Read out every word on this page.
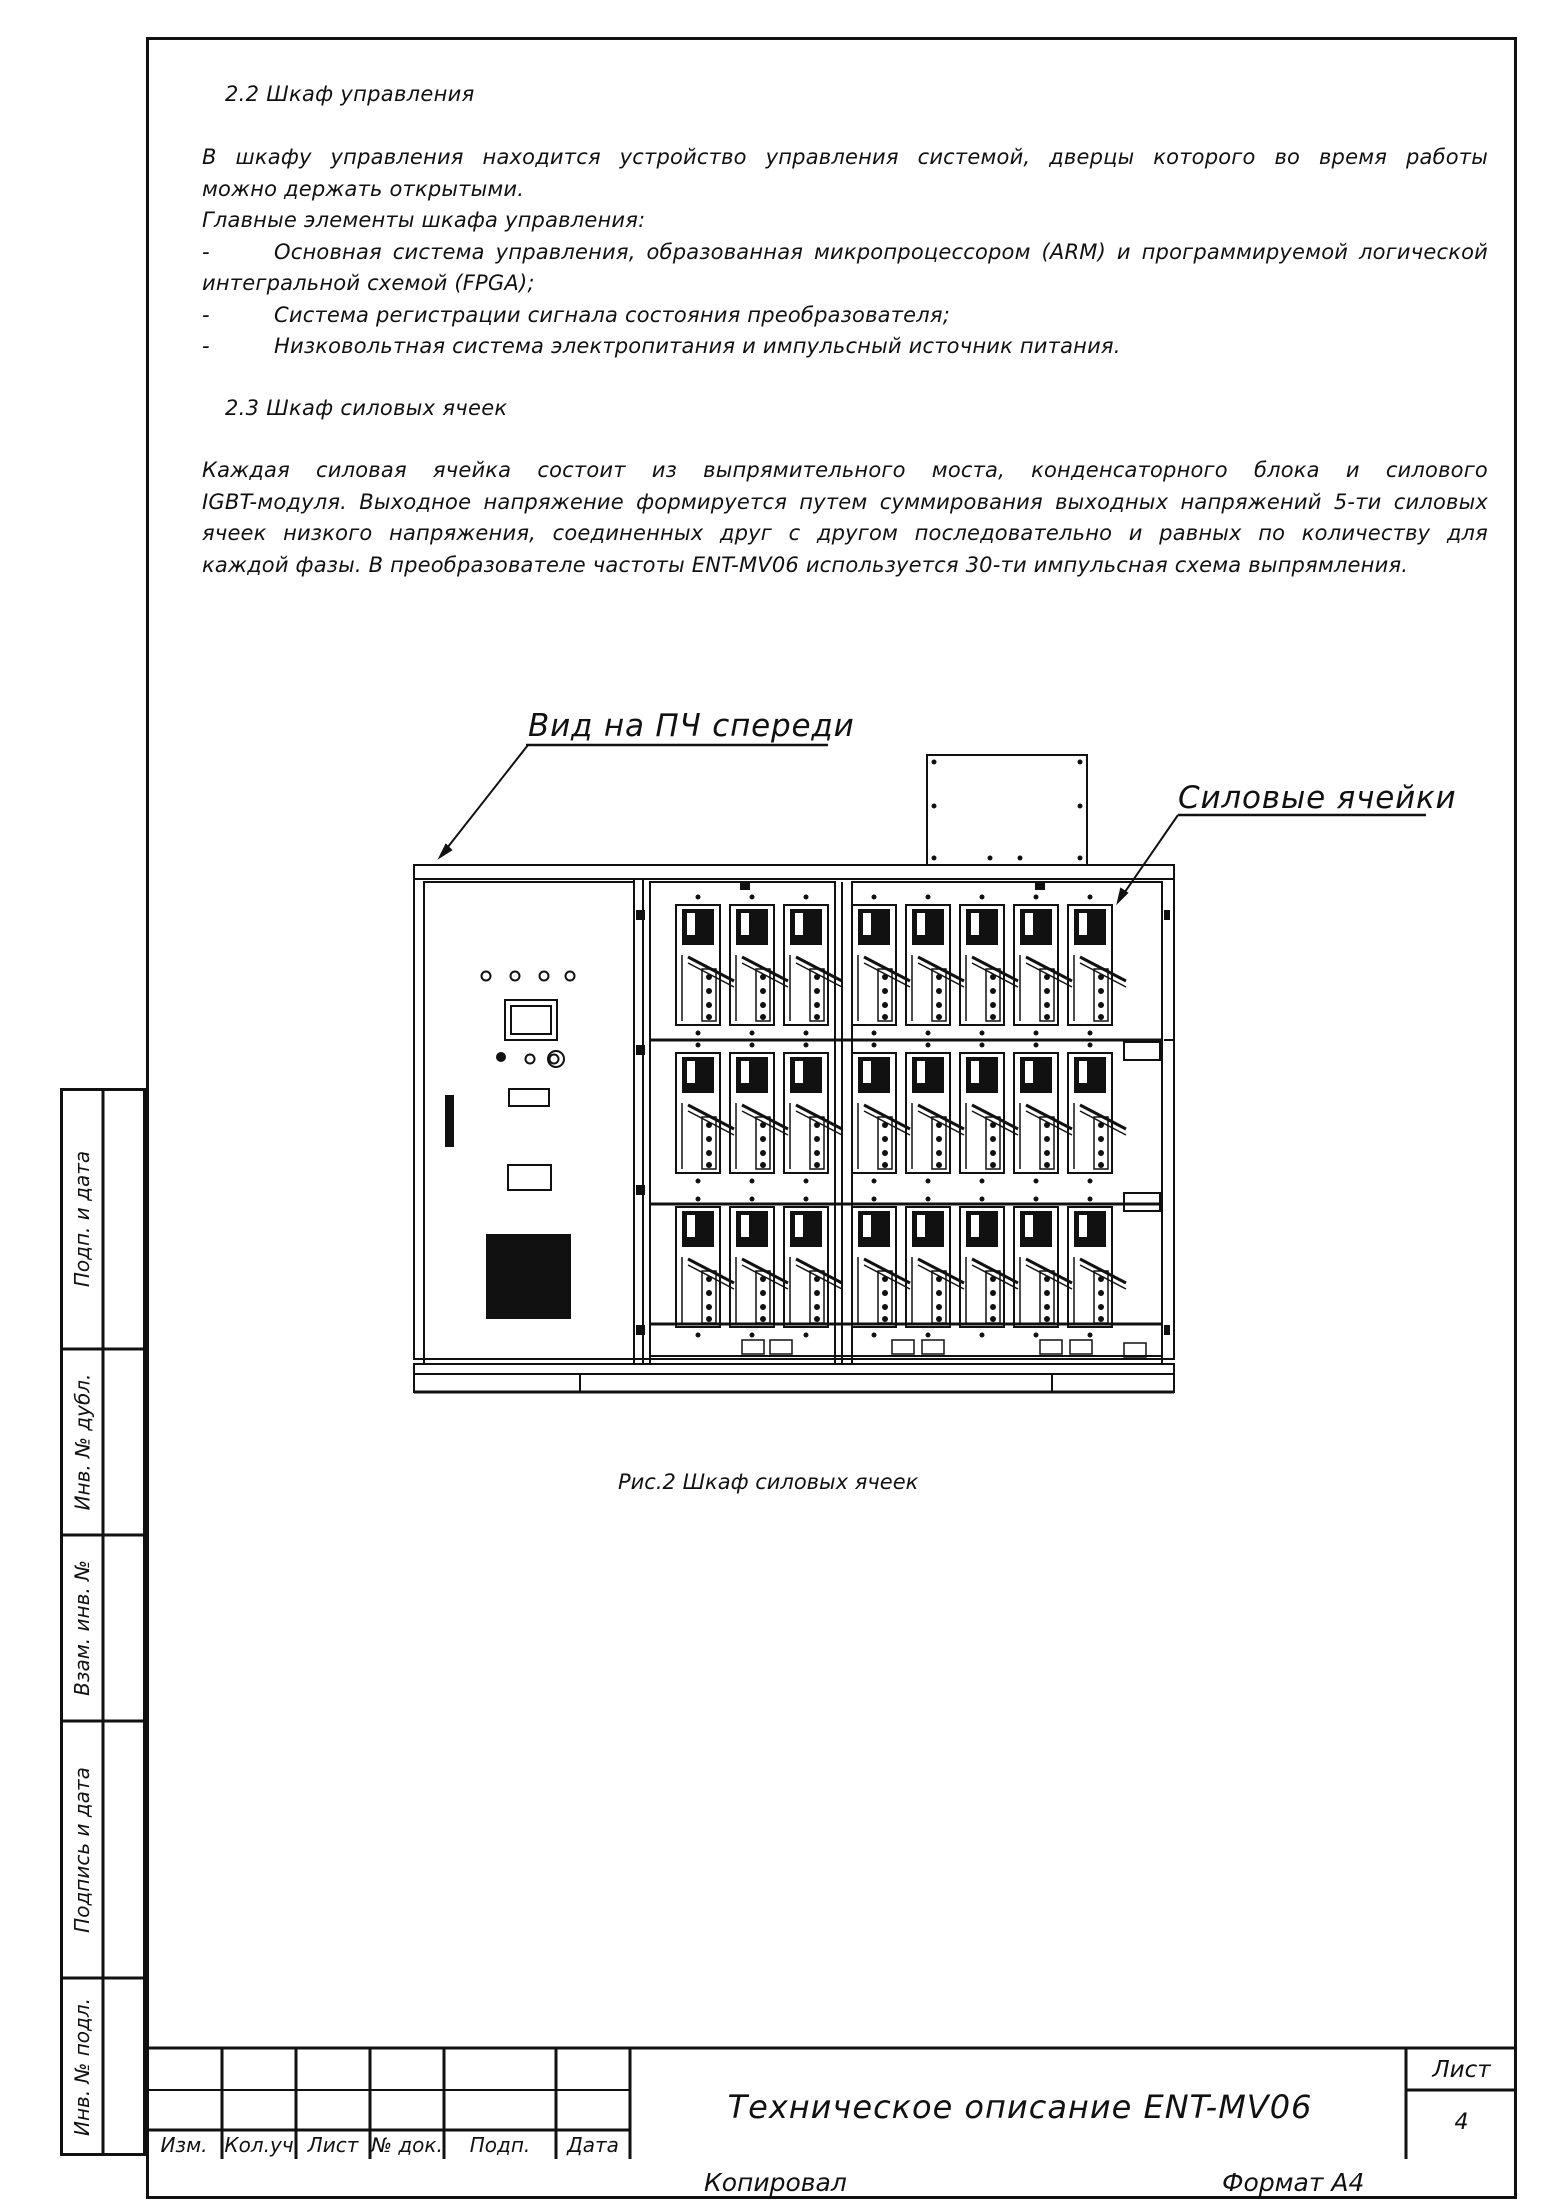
2.2 Шкаф управления
В шкафу управления находится устройство управления системой, дверцы которого во время работы
можно держать открытыми.
Главные элементы шкафа управления:
-	Основная система управления, образованная микропроцессором (ARM) и программируемой логической
интегральной схемой (FPGA);
-	Система регистрации сигнала состояния преобразователя;
-	Низковольтная система электропитания и импульсный источник питания.
2.3 Шкаф силовых ячеек
Каждая силовая ячейка состоит из выпрямительного моста, конденсаторного блока и силового
IGBT-модуля. Выходное напряжение формируется путем суммирования выходных напряжений 5-ти силовых
ячеек низкого напряжения, соединенных друг с другом последовательно и равных по количеству для
каждой фазы. В преобразователе частоты ENT-MV06 используется 30-ти импульсная схема выпрямления.
Вид на ПЧ спереди
Силовые ячейки
Рис.2 Шкаф силовых ячеек
Подп. и дата
Инв. № дубл.
Взам. инв. №
Подпись и дата
Инв. № подл.
Изм. Кол.уч Лист № док.	Подп.	Дата
Техническое описание ENT-MV06
Лист
4
Копировал	Формат А4
